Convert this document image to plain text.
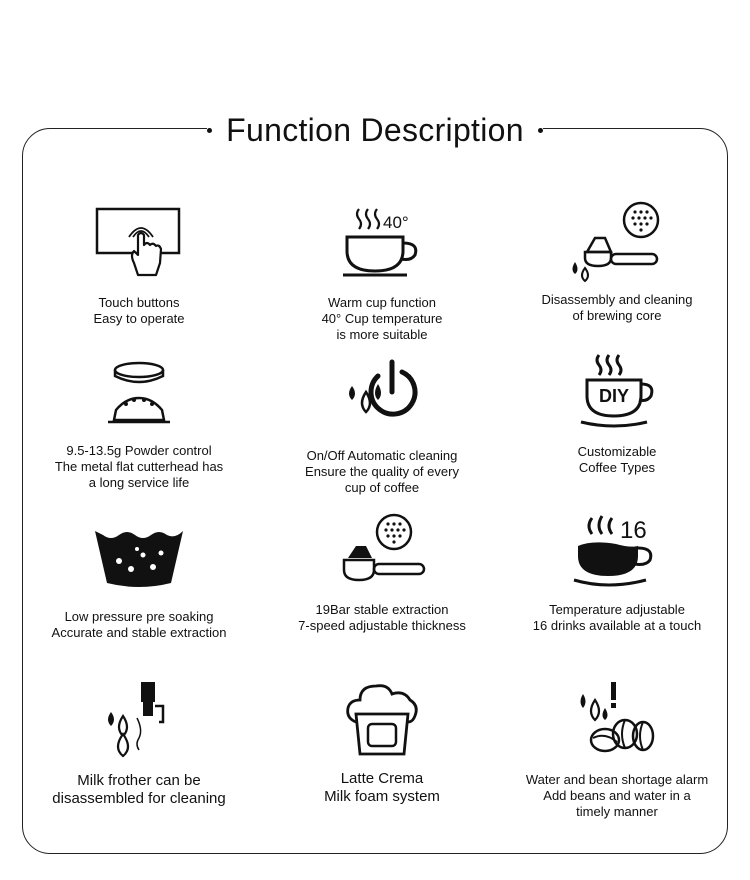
Function Description
Touch buttons
Easy to operate
40°
Warm cup function
40° Cup temperature
is more suitable
Disassembly and cleaning
of brewing core
9.5-13.5g Powder control
The metal flat cutterhead has
a long service life
On/Off Automatic cleaning
Ensure the quality of every
cup of coffee
DIY
Customizable
Coffee Types
Low pressure pre soaking
Accurate and stable extraction
19Bar stable extraction
7-speed adjustable thickness
16
Temperature adjustable
16 drinks available at a touch
Milk frother can be
disassembled for cleaning
Latte Crema
Milk foam system
Water and bean shortage alarm
Add beans and water in a
timely manner
